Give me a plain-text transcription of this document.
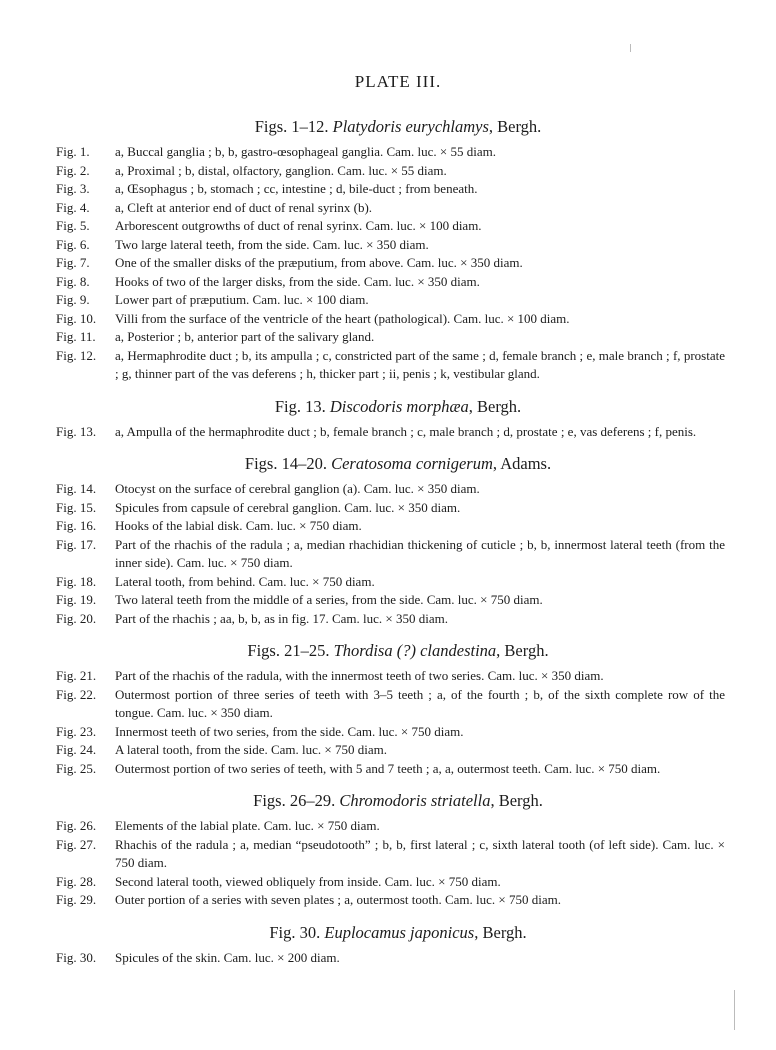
PLATE III.
Figs. 1–12. Platydoris eurychlamys, Bergh.
Fig. 1.	a, Buccal ganglia ; b, b, gastro-œsophageal ganglia. Cam. luc. × 55 diam.
Fig. 2.	a, Proximal ; b, distal, olfactory, ganglion. Cam. luc. × 55 diam.
Fig. 3.	a, Œsophagus ; b, stomach ; cc, intestine ; d, bile-duct ; from beneath.
Fig. 4.	a, Cleft at anterior end of duct of renal syrinx (b).
Fig. 5.	Arborescent outgrowths of duct of renal syrinx. Cam. luc. × 100 diam.
Fig. 6.	Two large lateral teeth, from the side. Cam. luc. × 350 diam.
Fig. 7.	One of the smaller disks of the præputium, from above. Cam. luc. × 350 diam.
Fig. 8.	Hooks of two of the larger disks, from the side. Cam. luc. × 350 diam.
Fig. 9.	Lower part of præputium. Cam. luc. × 100 diam.
Fig. 10.	Villi from the surface of the ventricle of the heart (pathological). Cam. luc. × 100 diam.
Fig. 11.	a, Posterior ; b, anterior part of the salivary gland.
Fig. 12.	a, Hermaphrodite duct ; b, its ampulla ; c, constricted part of the same ; d, female branch ; e, male branch ; f, prostate ; g, thinner part of the vas deferens ; h, thicker part ; ii, penis ; k, vestibular gland.
Fig. 13. Discodoris morphæa, Bergh.
Fig. 13.	a, Ampulla of the hermaphrodite duct ; b, female branch ; c, male branch ; d, prostate ; e, vas deferens ; f, penis.
Figs. 14–20. Ceratosoma cornigerum, Adams.
Fig. 14.	Otocyst on the surface of cerebral ganglion (a). Cam. luc. × 350 diam.
Fig. 15.	Spicules from capsule of cerebral ganglion. Cam. luc. × 350 diam.
Fig. 16.	Hooks of the labial disk. Cam. luc. × 750 diam.
Fig. 17.	Part of the rhachis of the radula ; a, median rhachidian thickening of cuticle ; b, b, innermost lateral teeth (from the inner side). Cam. luc. × 750 diam.
Fig. 18.	Lateral tooth, from behind. Cam. luc. × 750 diam.
Fig. 19.	Two lateral teeth from the middle of a series, from the side. Cam. luc. × 750 diam.
Fig. 20.	Part of the rhachis ; aa, b, b, as in fig. 17. Cam. luc. × 350 diam.
Figs. 21–25. Thordisa (?) clandestina, Bergh.
Fig. 21.	Part of the rhachis of the radula, with the innermost teeth of two series. Cam. luc. × 350 diam.
Fig. 22.	Outermost portion of three series of teeth with 3–5 teeth ; a, of the fourth ; b, of the sixth complete row of the tongue. Cam. luc. × 350 diam.
Fig. 23.	Innermost teeth of two series, from the side. Cam. luc. × 750 diam.
Fig. 24.	A lateral tooth, from the side. Cam. luc. × 750 diam.
Fig. 25.	Outermost portion of two series of teeth, with 5 and 7 teeth ; a, a, outermost teeth. Cam. luc. × 750 diam.
Figs. 26–29. Chromodoris striatella, Bergh.
Fig. 26.	Elements of the labial plate. Cam. luc. × 750 diam.
Fig. 27.	Rhachis of the radula ; a, median “pseudotooth” ; b, b, first lateral ; c, sixth lateral tooth (of left side). Cam. luc. × 750 diam.
Fig. 28.	Second lateral tooth, viewed obliquely from inside. Cam. luc. × 750 diam.
Fig. 29.	Outer portion of a series with seven plates ; a, outermost tooth. Cam. luc. × 750 diam.
Fig. 30. Euplocamus japonicus, Bergh.
Fig. 30.	Spicules of the skin. Cam. luc. × 200 diam.
